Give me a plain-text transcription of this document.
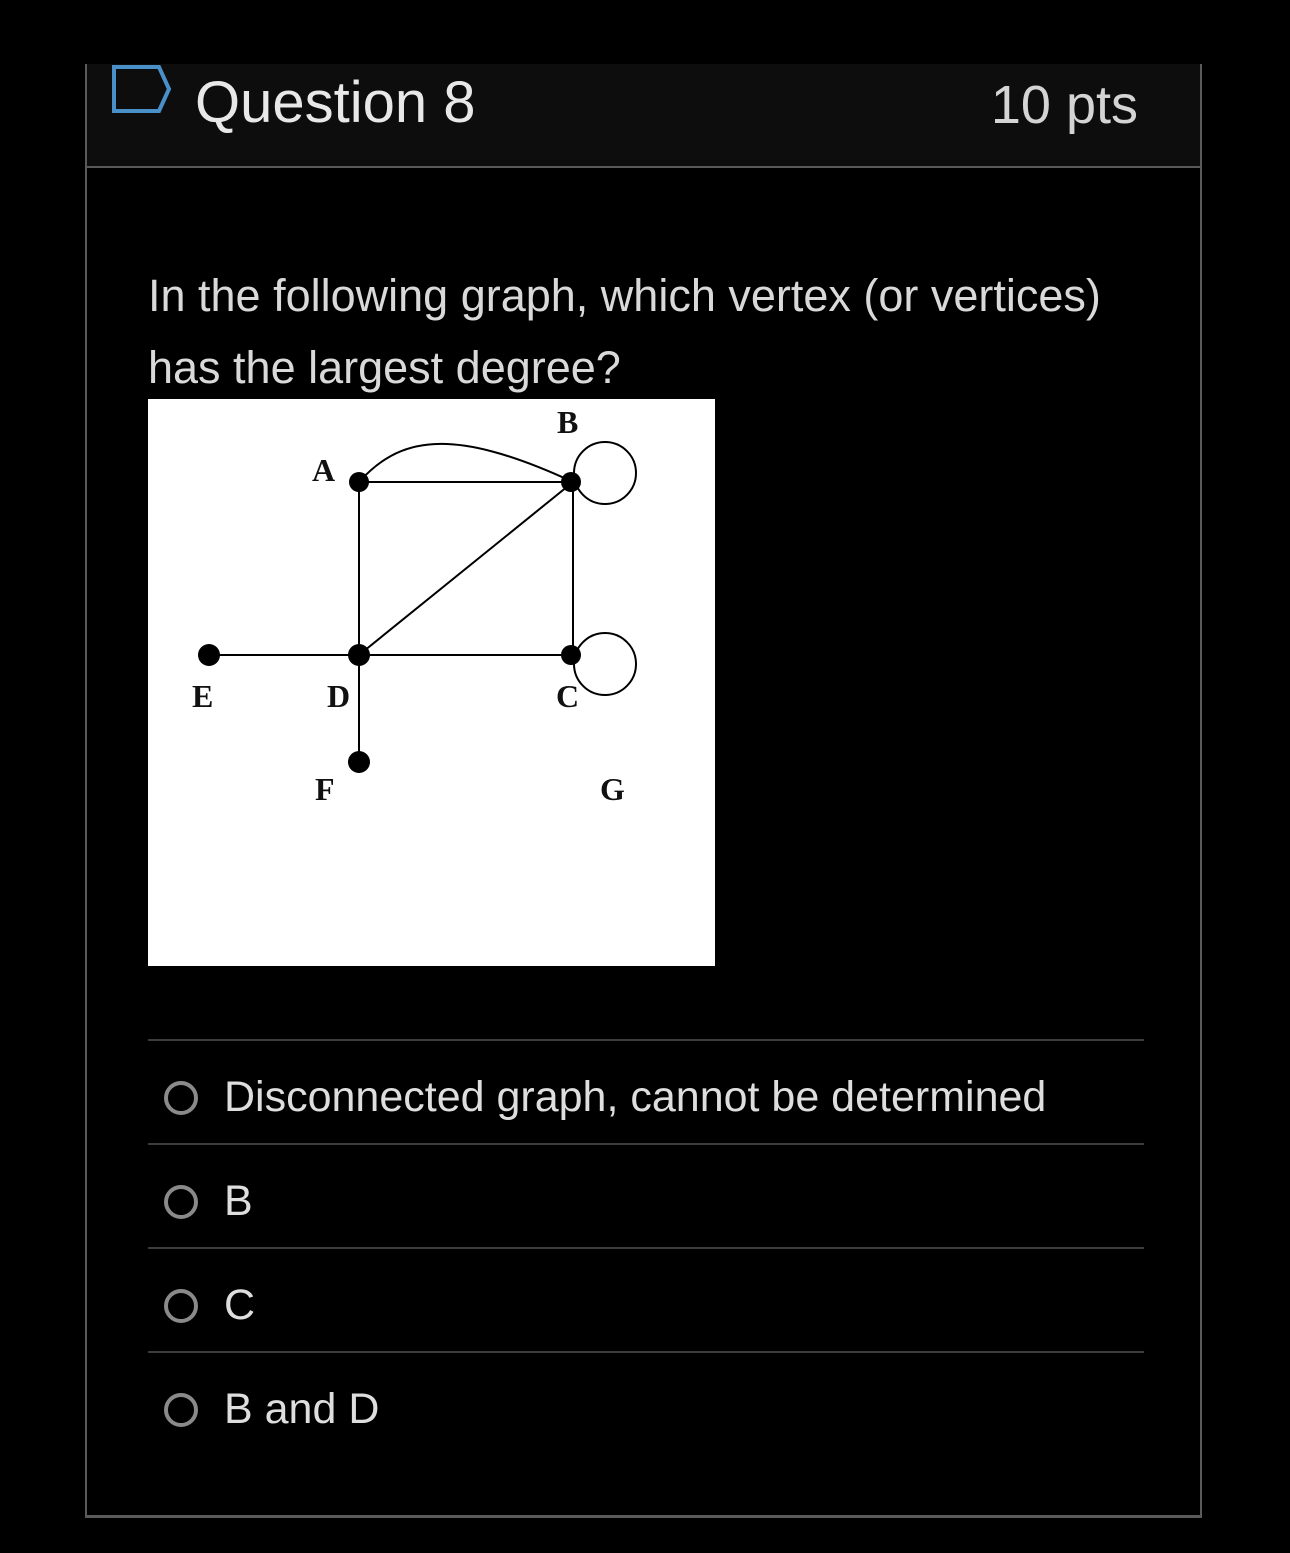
Question 8	10 pts
In the following graph, which vertex (or vertices) has the largest degree?
B
A
E	D	C
F	G
Disconnected graph, cannot be determined
B
C
B and D
